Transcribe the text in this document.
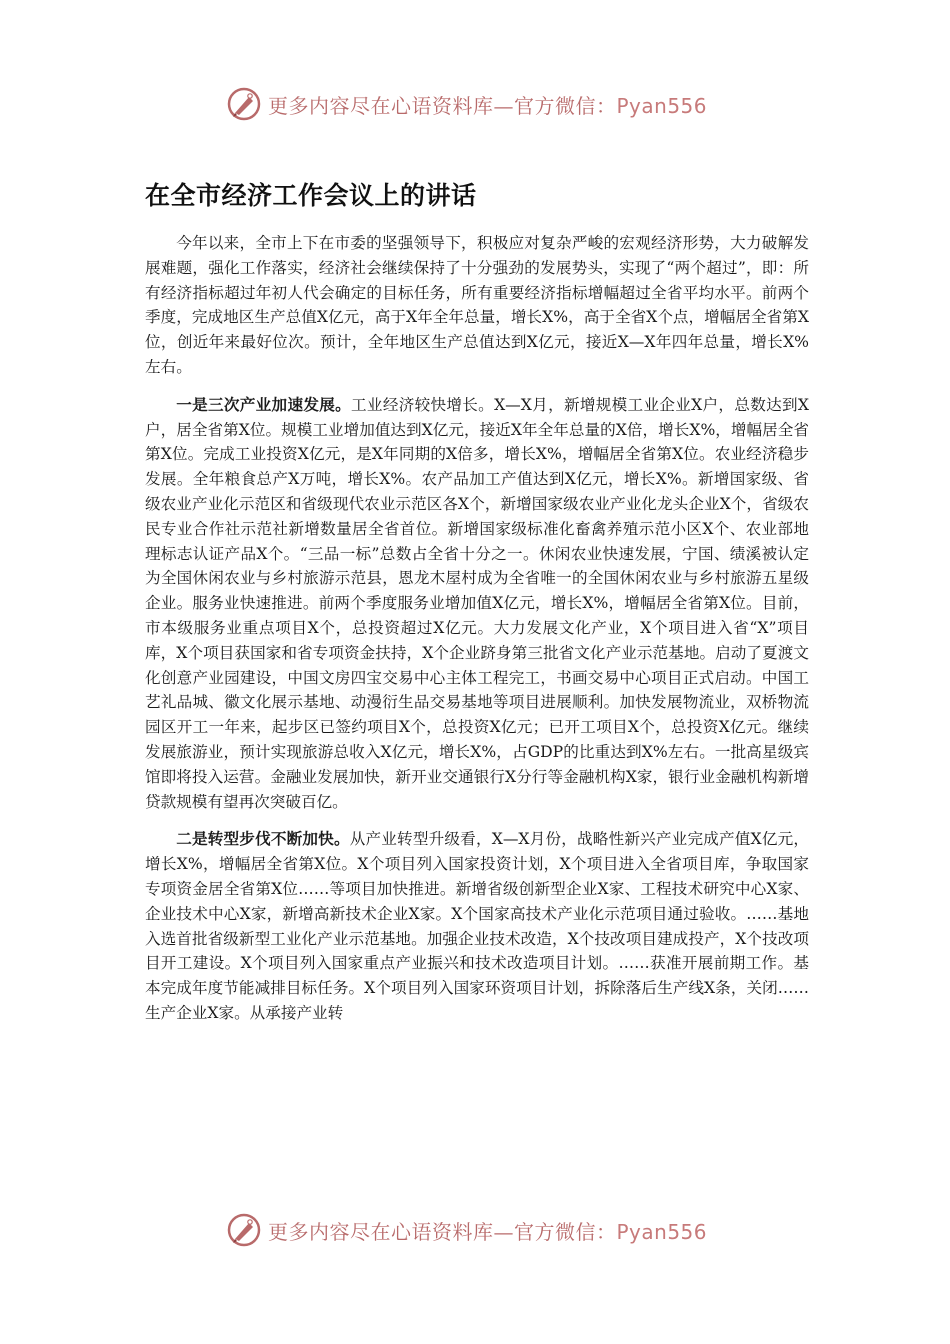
更多内容尽在心语资料库—官方微信：Pyan556
在全市经济工作会议上的讲话

今年以来，全市上下在市委的坚强领导下，积极应对复杂严峻的宏观经济形势，大力破解发展难题，强化工作落实，经济社会继续保持了十分强劲的发展势头，实现了“两个超过”，即：所有经济指标超过年初人代会确定的目标任务，所有重要经济指标增幅超过全省平均水平。前两个季度，完成地区生产总值X亿元，高于X年全年总量，增长X%，高于全省X个点，增幅居全省第X位，创近年来最好位次。预计，全年地区生产总值达到X亿元，接近X—X年四年总量，增长X%左右。

一是三次产业加速发展。工业经济较快增长。X—X月，新增规模工业企业X户，总数达到X户，居全省第X位。规模工业增加值达到X亿元，接近X年全年总量的X倍，增长X%，增幅居全省第X位。完成工业投资X亿元，是X年同期的X倍多，增长X%，增幅居全省第X位。农业经济稳步发展。全年粮食总产X万吨，增长X%。农产品加工产值达到X亿元，增长X%。新增国家级、省级农业产业化示范区和省级现代农业示范区各X个，新增国家级农业产业化龙头企业X个，省级农民专业合作社示范社新增数量居全省首位。新增国家级标准化畜禽养殖示范小区X个、农业部地理标志认证产品X个。“三品一标”总数占全省十分之一。休闲农业快速发展，宁国、绩溪被认定为全国休闲农业与乡村旅游示范县，恩龙木屋村成为全省唯一的全国休闲农业与乡村旅游五星级企业。服务业快速推进。前两个季度服务业增加值X亿元，增长X%，增幅居全省第X位。目前，市本级服务业重点项目X个，总投资超过X亿元。大力发展文化产业，X个项目进入省“X”项目库，X个项目获国家和省专项资金扶持，X个企业跻身第三批省文化产业示范基地。启动了夏渡文化创意产业园建设，中国文房四宝交易中心主体工程完工，书画交易中心项目正式启动。中国工艺礼品城、徽文化展示基地、动漫衍生品交易基地等项目进展顺利。加快发展物流业，双桥物流园区开工一年来，起步区已签约项目X个，总投资X亿元；已开工项目X个，总投资X亿元。继续发展旅游业，预计实现旅游总收入X亿元，增长X%，占GDP的比重达到X%左右。一批高星级宾馆即将投入运营。金融业发展加快，新开业交通银行X分行等金融机构X家，银行业金融机构新增贷款规模有望再次突破百亿。

二是转型步伐不断加快。从产业转型升级看，X—X月份，战略性新兴产业完成产值X亿元，增长X%，增幅居全省第X位。X个项目列入国家投资计划，X个项目进入全省项目库，争取国家专项资金居全省第X位……等项目加快推进。新增省级创新型企业X家、工程技术研究中心X家、企业技术中心X家，新增高新技术企业X家。X个国家高技术产业化示范项目通过验收。……基地入选首批省级新型工业化产业示范基地。加强企业技术改造，X个技改项目建成投产，X个技改项目开工建设。X个项目列入国家重点产业振兴和技术改造项目计划。……获准开展前期工作。基本完成年度节能减排目标任务。X个项目列入国家环资项目计划，拆除落后生产线X条，关闭……生产企业X家。从承接产业转

更多内容尽在心语资料库—官方微信：Pyan556
